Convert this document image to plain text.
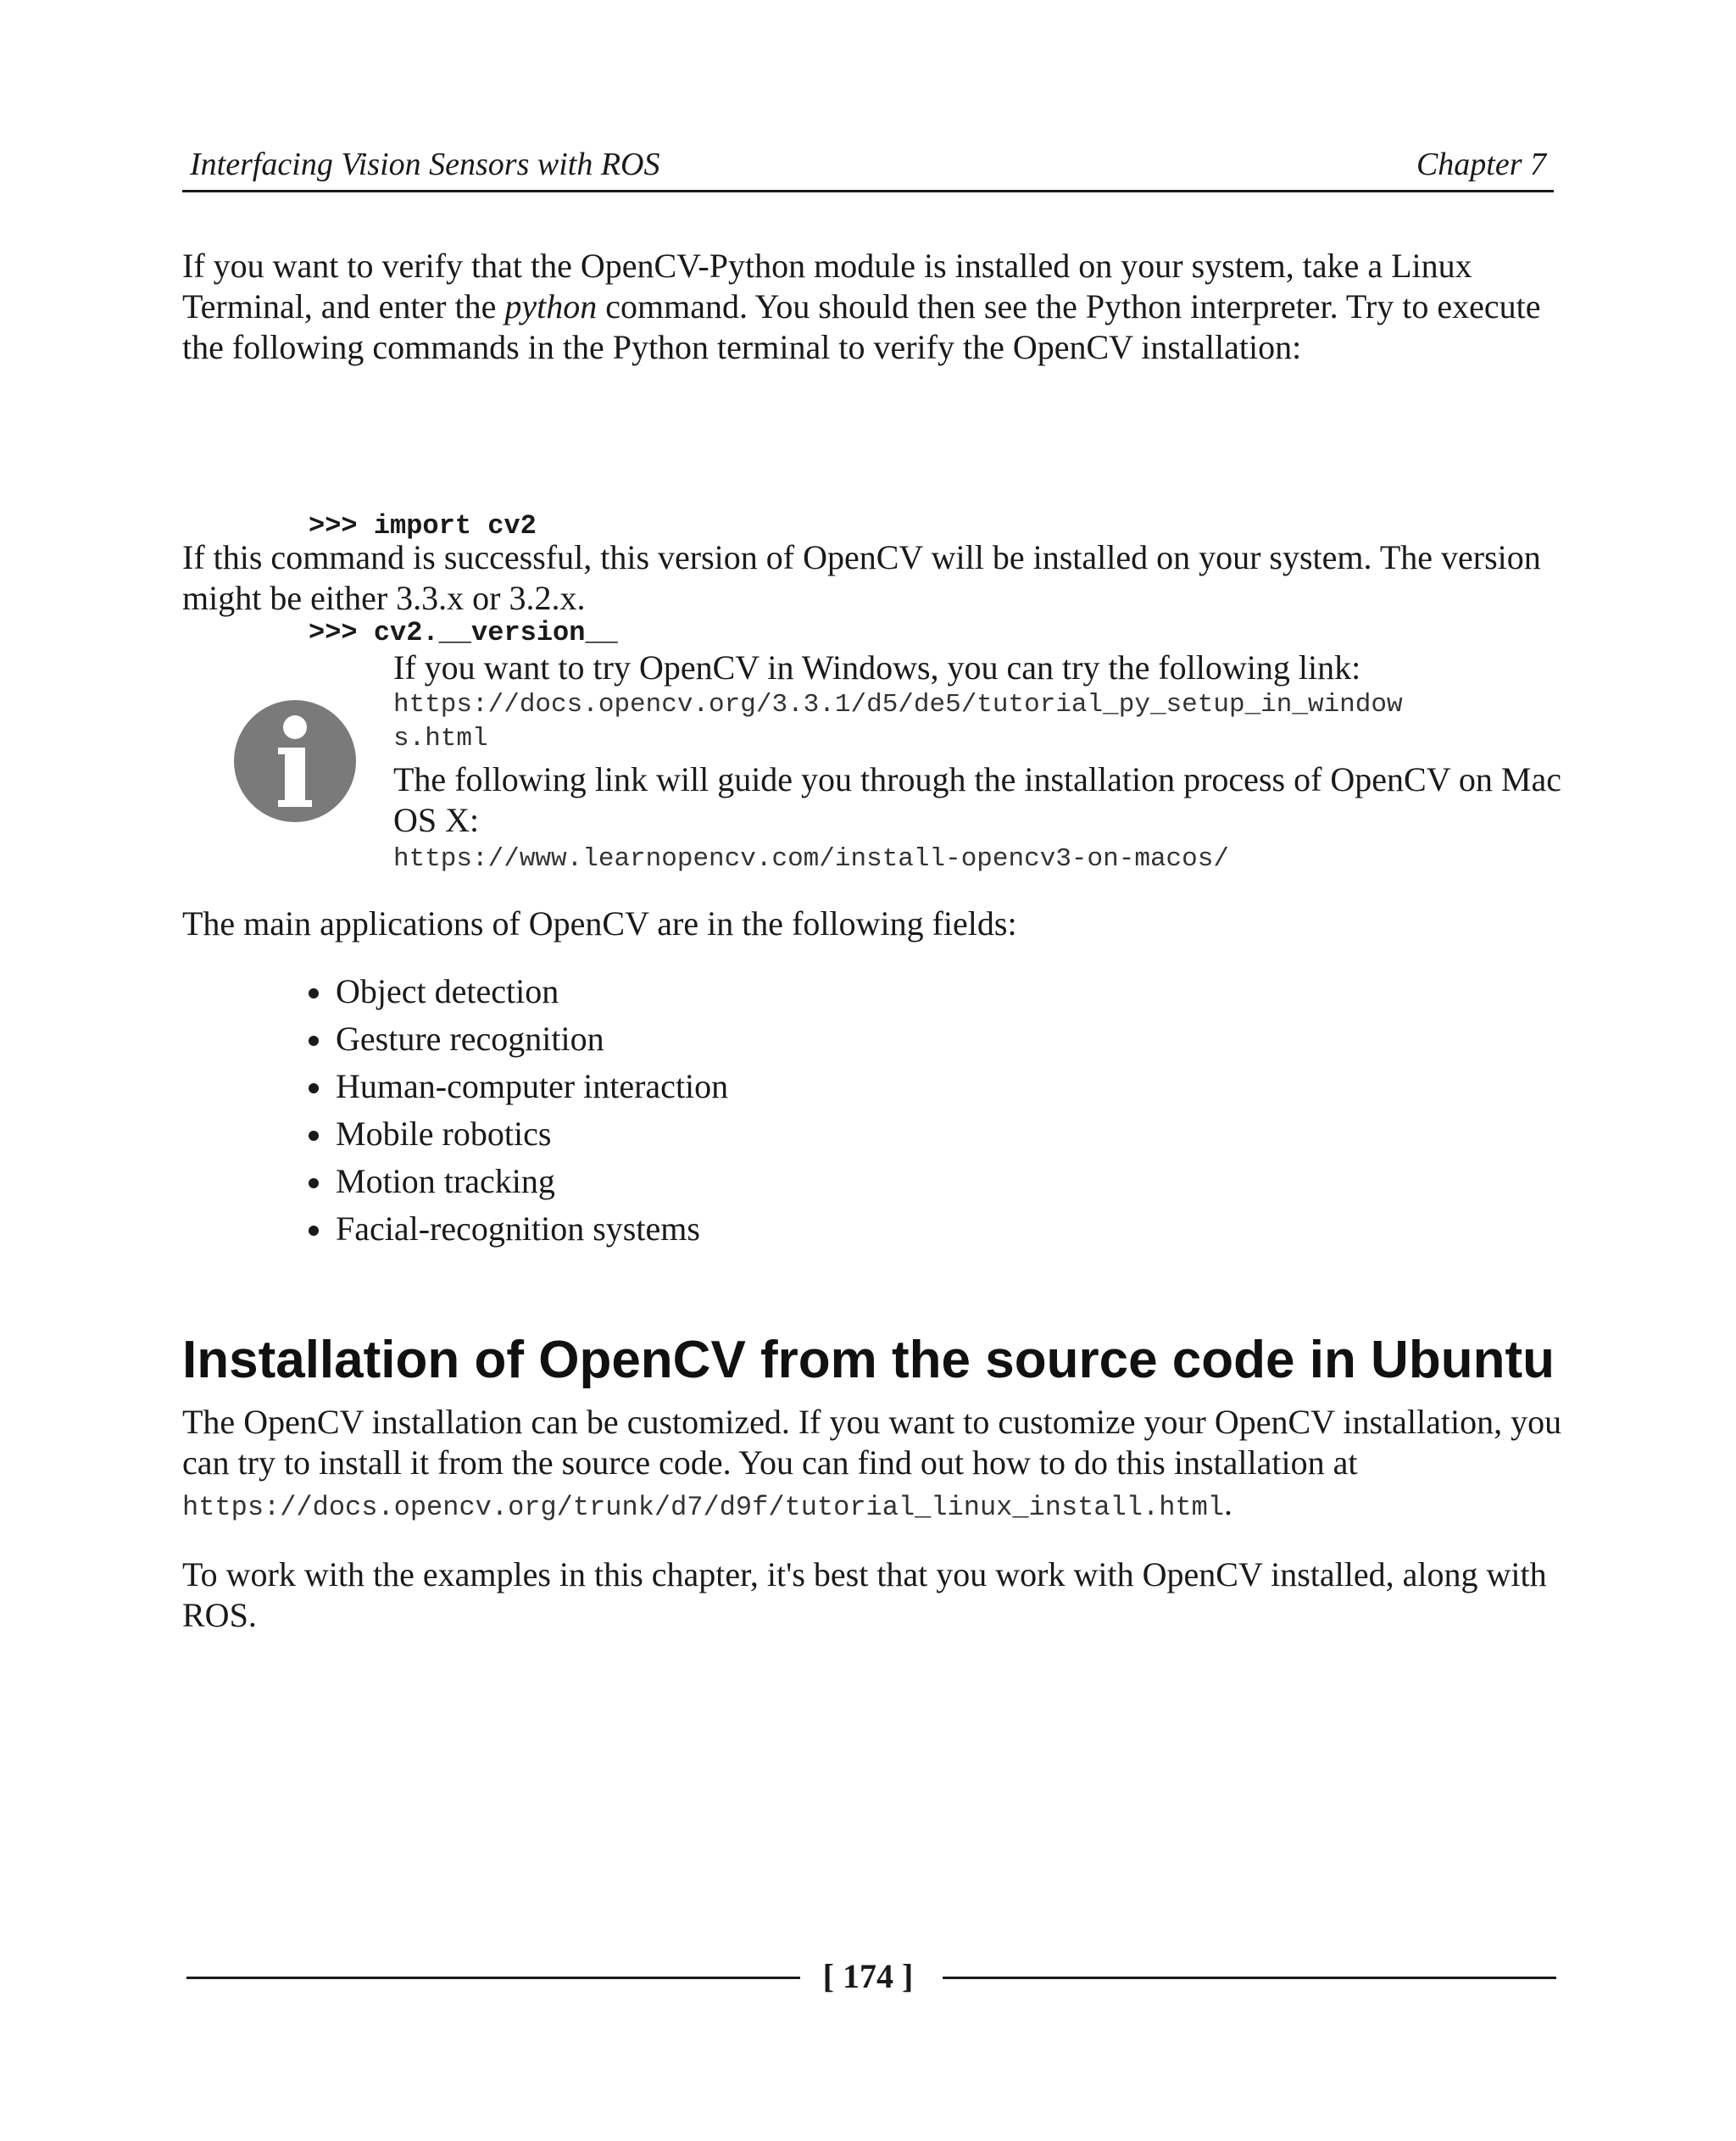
Interfacing Vision Sensors with ROS	Chapter 7
If you want to verify that the OpenCV-Python module is installed on your system, take a Linux Terminal, and enter the python command. You should then see the Python interpreter. Try to execute the following commands in the Python terminal to verify the OpenCV installation:

>>> import cv2

>>> cv2.__version__

If this command is successful, this version of OpenCV will be installed on your system. The version might be either 3.3.x or 3.2.x.
If you want to try OpenCV in Windows, you can try the following link:
https://docs.opencv.org/3.3.1/d5/de5/tutorial_py_setup_in_window
s.html
The following link will guide you through the installation process of OpenCV on Mac OS X:
https://www.learnopencv.com/install-opencv3-on-macos/
The main applications of OpenCV are in the following fields:
Object detection
Gesture recognition
Human-computer interaction
Mobile robotics
Motion tracking
Facial-recognition systems
Installation of OpenCV from the source code in Ubuntu
The OpenCV installation can be customized. If you want to customize your OpenCV installation, you can try to install it from the source code. You can find out how to do this installation at https://docs.opencv.org/trunk/d7/d9f/tutorial_linux_install.html.
To work with the examples in this chapter, it's best that you work with OpenCV installed, along with ROS.
[ 174 ]
